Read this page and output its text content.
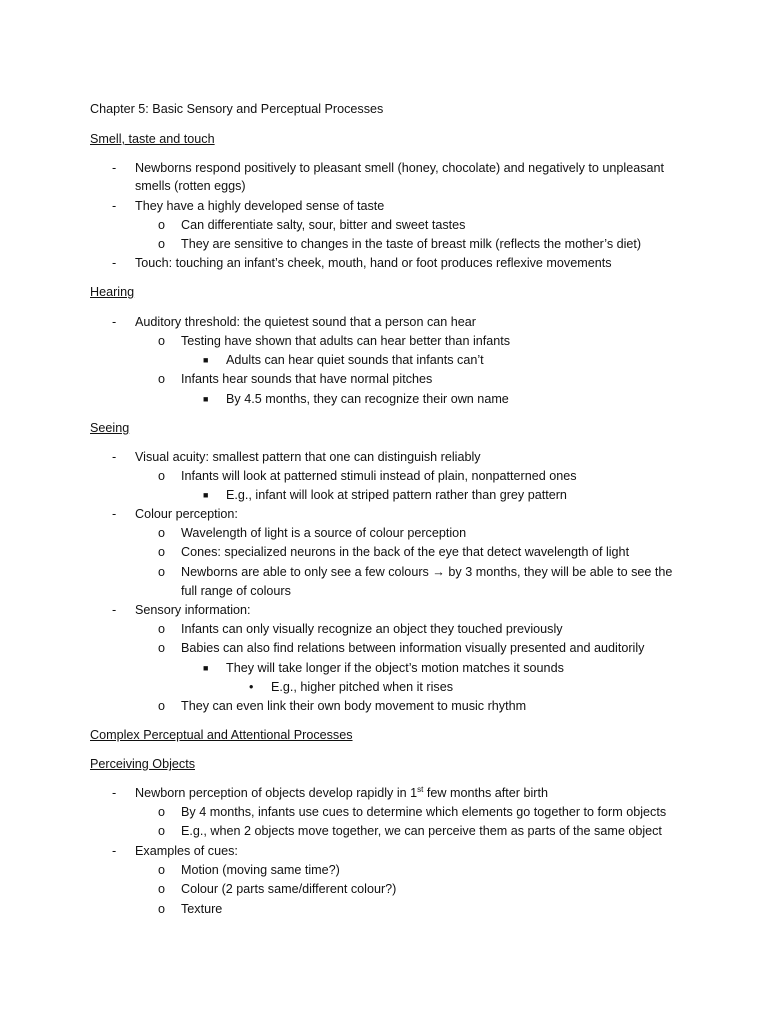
Chapter 5: Basic Sensory and Perceptual Processes
Smell, taste and touch
- Newborns respond positively to pleasant smell (honey, chocolate) and negatively to unpleasant
smells (rotten eggs)
- They have a highly developed sense of taste
o Can differentiate salty, sour, bitter and sweet tastes
o They are sensitive to changes in the taste of breast milk (reflects the mother’s diet)
- Touch: touching an infant’s cheek, mouth, hand or foot produces reflexive movements
Hearing
- Auditory threshold: the quietest sound that a person can hear
o Testing have shown that adults can hear better than infants
■ Adults can hear quiet sounds that infants can’t
o Infants hear sounds that have normal pitches
■ By 4.5 months, they can recognize their own name
Seeing
- Visual acuity: smallest pattern that one can distinguish reliably
o Infants will look at patterned stimuli instead of plain, nonpatterned ones
■ E.g., infant will look at striped pattern rather than grey pattern
- Colour perception:
o Wavelength of light is a source of colour perception
o Cones: specialized neurons in the back of the eye that detect wavelength of light
o Newborns are able to only see a few colours → by 3 months, they will be able to see the
full range of colours
- Sensory information:
o Infants can only visually recognize an object they touched previously
o Babies can also find relations between information visually presented and auditorily
■ They will take longer if the object’s motion matches it sounds
• E.g., higher pitched when it rises
o They can even link their own body movement to music rhythm
Complex Perceptual and Attentional Processes
Perceiving Objects
- Newborn perception of objects develop rapidly in 1st few months after birth
o By 4 months, infants use cues to determine which elements go together to form objects
o E.g., when 2 objects move together, we can perceive them as parts of the same object
- Examples of cues:
o Motion (moving same time?)
o Colour (2 parts same/different colour?)
o Texture
